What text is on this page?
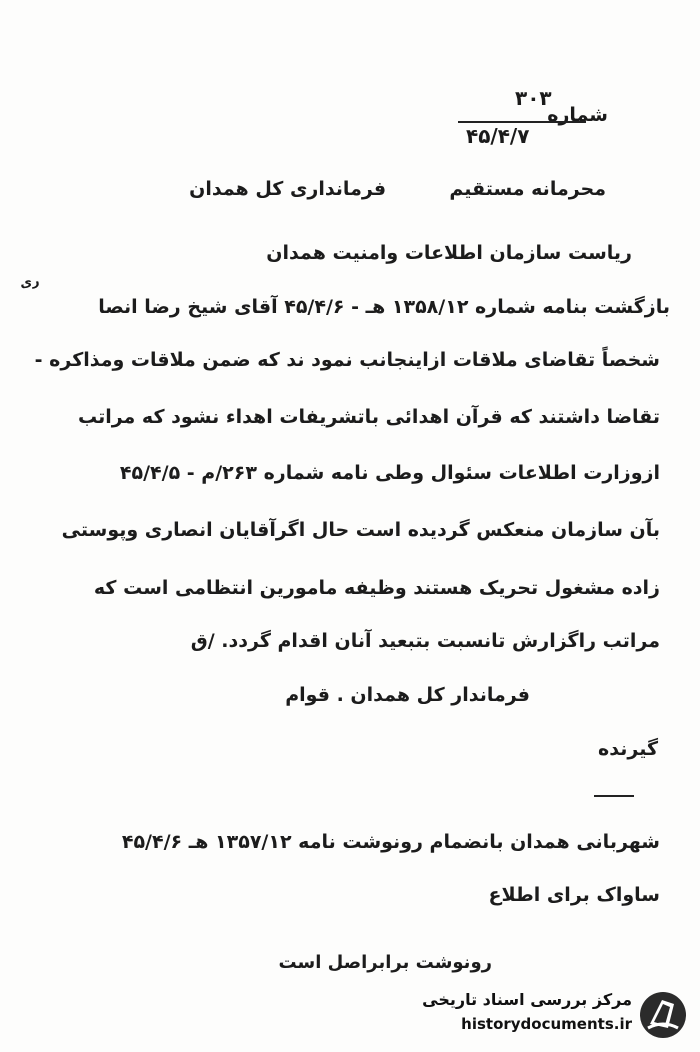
شماره
۳۰۳
۴۵/۴/۷
محرمانه مستقیم  فرمانداری کل همدان
ریاست سازمان اطلاعات وامنیت همدان
بازگشت بنامه شماره ۱۳۵۸/۱۲ هـ - ۴۵/۴/۶ آقای شیخ رضا انصا
ری
شخصاً تقاضای ملاقات ازاینجانب نمود ند که ضمن ملاقات ومذاکره -
تقاضا داشتند که قرآن اهدائی باتشریفات اهداء نشود که مراتب
ازوزارت اطلاعات سئوال وطی نامه شماره ۲۶۳/م - ۴۵/۴/۵
بآن سازمان منعکس گردیده است حال اگرآقایان انصاری وپوستی
زاده مشغول تحریک هستند وظیفه مامورین انتظامی است که
مراتب راگزارش تانسبت بتبعید آنان اقدام گردد. /ق
فرماندار کل همدان . قوام
گیرنده
شهربانی همدان بانضمام رونوشت نامه ۱۳۵۷/۱۲ هـ ۴۵/۴/۶
ساواک برای اطلاع
رونوشت برابراصل است
مرکز بررسی اسناد تاریخی
historydocuments.ir
